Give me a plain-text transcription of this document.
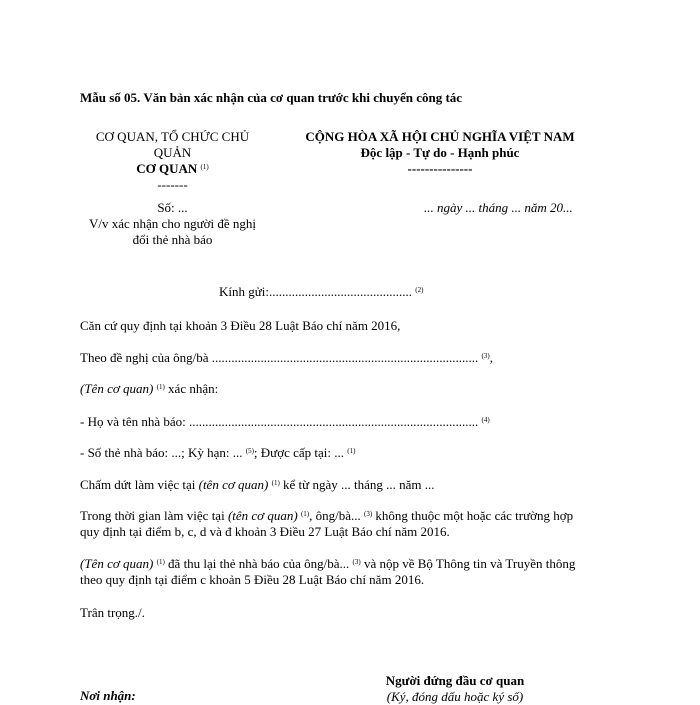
Mẫu số 05. Văn bản xác nhận của cơ quan trước khi chuyển công tác
CƠ QUAN, TỔ CHỨC CHỦ
QUẢN
CƠ QUAN $^{(1)}$
-------
CỘNG HÒA XÃ HỘI CHỦ NGHĨA VIỆT NAM
Độc lập - Tự do - Hạnh phúc
---------------
Số: ...
V/v xác nhận cho người đề nghị
đổi thẻ nhà báo
... ngày ... tháng ... năm 20...
Kính gửi:............................................ $^{(2)}$
Căn cứ quy định tại khoản 3 Điều 28 Luật Báo chí năm 2016,
Theo đề nghị của ông/bà .................................................................................. $^{(3)}$,
(Tên cơ quan) $^{(1)}$ xác nhận:
- Họ và tên nhà báo: ......................................................................................... $^{(4)}$
- Số thẻ nhà báo: ...; Kỳ hạn: ... $^{(5)}$; Được cấp tại: ... $^{(1)}$
Chấm dứt làm việc tại (tên cơ quan) $^{(1)}$ kể từ ngày ... tháng ... năm ...
Trong thời gian làm việc tại (tên cơ quan) $^{(1)}$, ông/bà... $^{(3)}$ không thuộc một hoặc các trường hợp
quy định tại điểm b, c, d và đ khoản 3 Điều 27 Luật Báo chí năm 2016.
(Tên cơ quan) $^{(1)}$ đã thu lại thẻ nhà báo của ông/bà... $^{(3)}$ và nộp về Bộ Thông tin và Truyền thông
theo quy định tại điểm c khoản 5 Điều 28 Luật Báo chí năm 2016.
Trân trọng./.
Người đứng đầu cơ quan
(Ký, đóng dấu hoặc ký số)
Nơi nhận:
